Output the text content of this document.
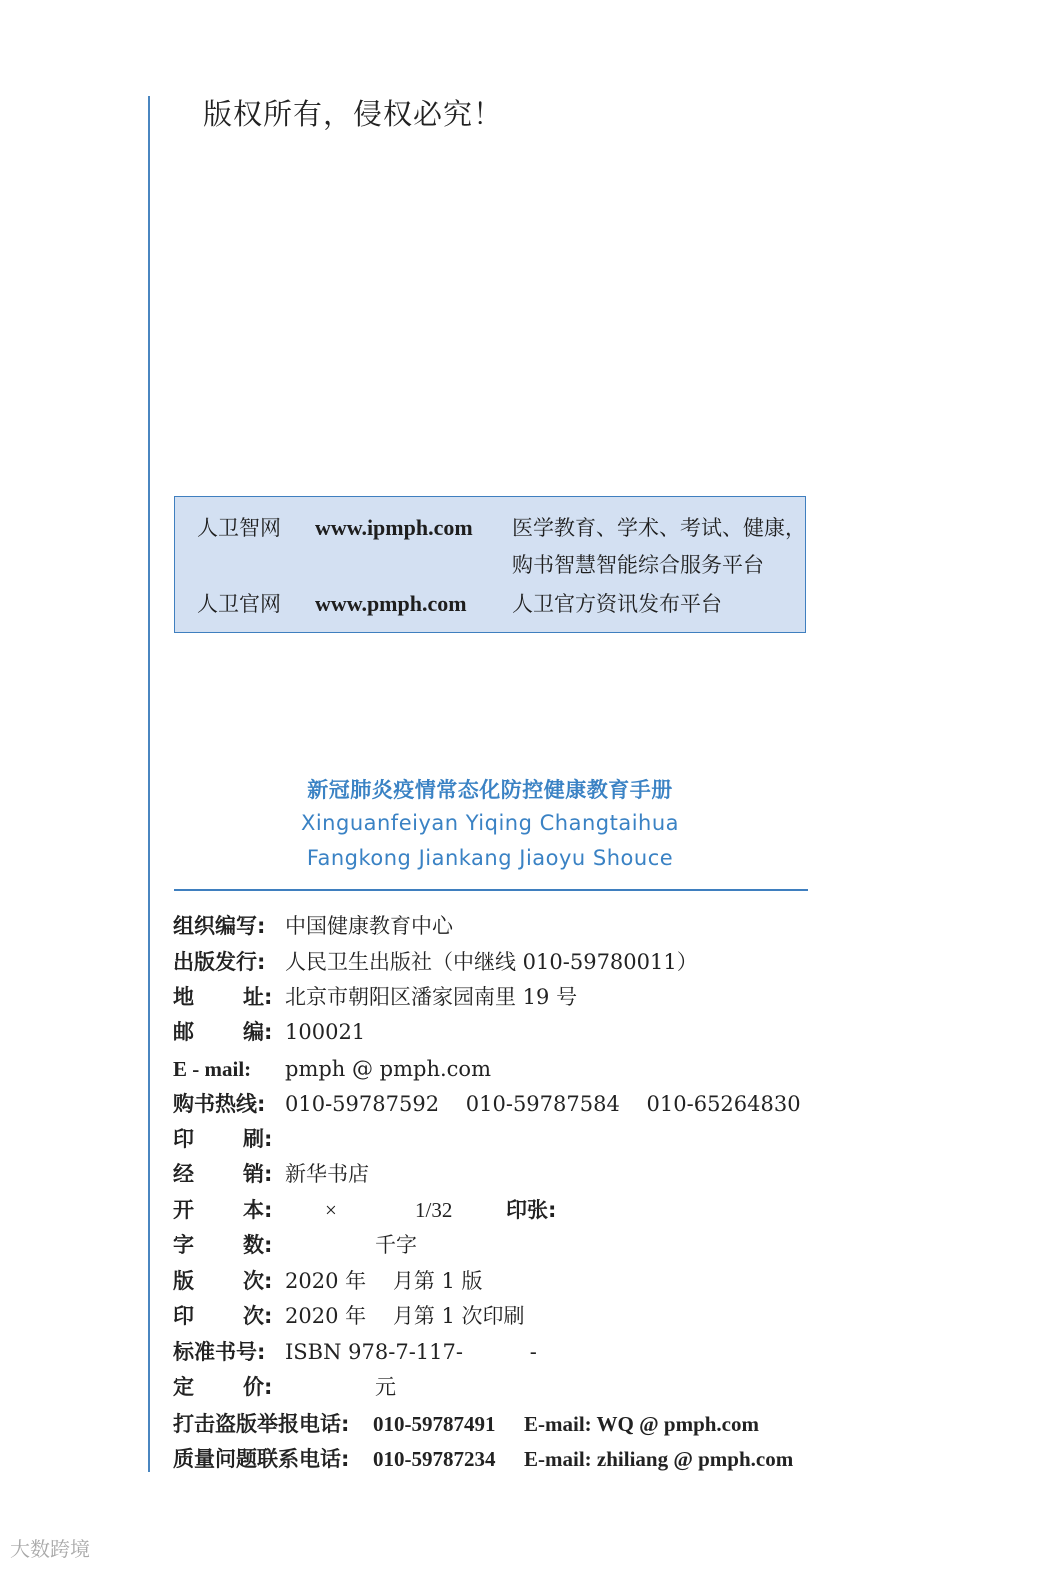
版权所有，侵权必究！
人卫智网 www.ipmph.com 医学教育、学术、考试、健康，
购书智慧智能综合服务平台
人卫官网 www.pmph.com 人卫官方资讯发布平台
新冠肺炎疫情常态化防控健康教育手册
Xinguanfeiyan Yiqing Changtaihua
Fangkong Jiankang Jiaoyu Shouce
组织编写: 中国健康教育中心
出版发行: 人民卫生出版社（中继线 010-59780011）
地 址: 北京市朝阳区潘家园南里 19 号
邮 编: 100021
E - mail: pmph @ pmph.com
购书热线: 010-59787592    010-59787584    010-65264830
印 刷:
经 销: 新华书店
开 本:	×	1/32	印张:
字 数:	千字
版 次: 2020 年    月第 1 版
印 次: 2020 年    月第 1 次印刷
标准书号: ISBN 978-7-117-          -
定 价:	元
打击盗版举报电话: 010-59787491 E-mail: WQ @ pmph.com
质量问题联系电话: 010-59787234 E-mail: zhiliang @ pmph.com
大数跨境
